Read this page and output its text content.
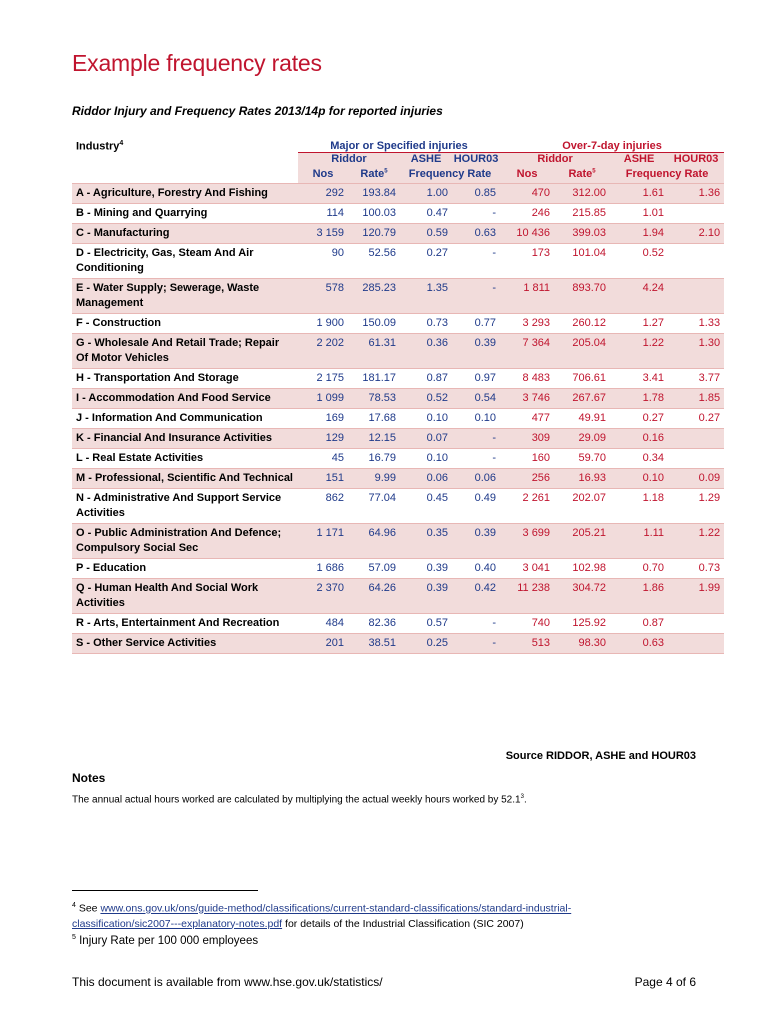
Example frequency rates
Riddor Injury and Frequency Rates 2013/14p for reported injuries
Industry$^4$	Major or Specified injuries				Over-7-day injuries			
	Riddor		ASHE	HOUR03	Riddor		ASHE	HOUR03
	Nos	Rate$^5$	Frequency Rate		Nos	Rate$^5$	Frequency Rate	
A - Agriculture, Forestry And Fishing	292	193.84	1.00	0.85	470	312.00	1.61	1.36
B - Mining and Quarrying	114	100.03	0.47	-	246	215.85	1.01	
C - Manufacturing	3 159	120.79	0.59	0.63	10 436	399.03	1.94	2.10
D - Electricity, Gas, Steam And Air Conditioning	90	52.56	0.27	-	173	101.04	0.52	
E - Water Supply; Sewerage, Waste Management	578	285.23	1.35	-	1 811	893.70	4.24	
F - Construction	1 900	150.09	0.73	0.77	3 293	260.12	1.27	1.33
G - Wholesale And Retail Trade; Repair Of Motor Vehicles	2 202	61.31	0.36	0.39	7 364	205.04	1.22	1.30
H - Transportation And Storage	2 175	181.17	0.87	0.97	8 483	706.61	3.41	3.77
I - Accommodation And Food Service	1 099	78.53	0.52	0.54	3 746	267.67	1.78	1.85
J - Information And Communication	169	17.68	0.10	0.10	477	49.91	0.27	0.27
K - Financial And Insurance Activities	129	12.15	0.07	-	309	29.09	0.16	
L - Real Estate Activities	45	16.79	0.10	-	160	59.70	0.34	
M - Professional, Scientific And Technical	151	9.99	0.06	0.06	256	16.93	0.10	0.09
N - Administrative And Support Service Activities	862	77.04	0.45	0.49	2 261	202.07	1.18	1.29
O - Public Administration And Defence; Compulsory Social Sec	1 171	64.96	0.35	0.39	3 699	205.21	1.11	1.22
P - Education	1 686	57.09	0.39	0.40	3 041	102.98	0.70	0.73
Q - Human Health And Social Work Activities	2 370	64.26	0.39	0.42	11 238	304.72	1.86	1.99
R - Arts, Entertainment And Recreation	484	82.36	0.57	-	740	125.92	0.87	
S - Other Service Activities	201	38.51	0.25	-	513	98.30	0.63	
Source RIDDOR, ASHE and HOUR03
Notes
The annual actual hours worked are calculated by multiplying the actual weekly hours worked by 52.1$^3$.
$^4$ See www.ons.gov.uk/ons/guide-method/classifications/current-standard-classifications/standard-industrial-classification/sic2007---explanatory-notes.pdf for details of the Industrial Classification (SIC 2007)
$^5$ Injury Rate per 100 000 employees
This document is available from www.hse.gov.uk/statistics/	Page 4 of 6
